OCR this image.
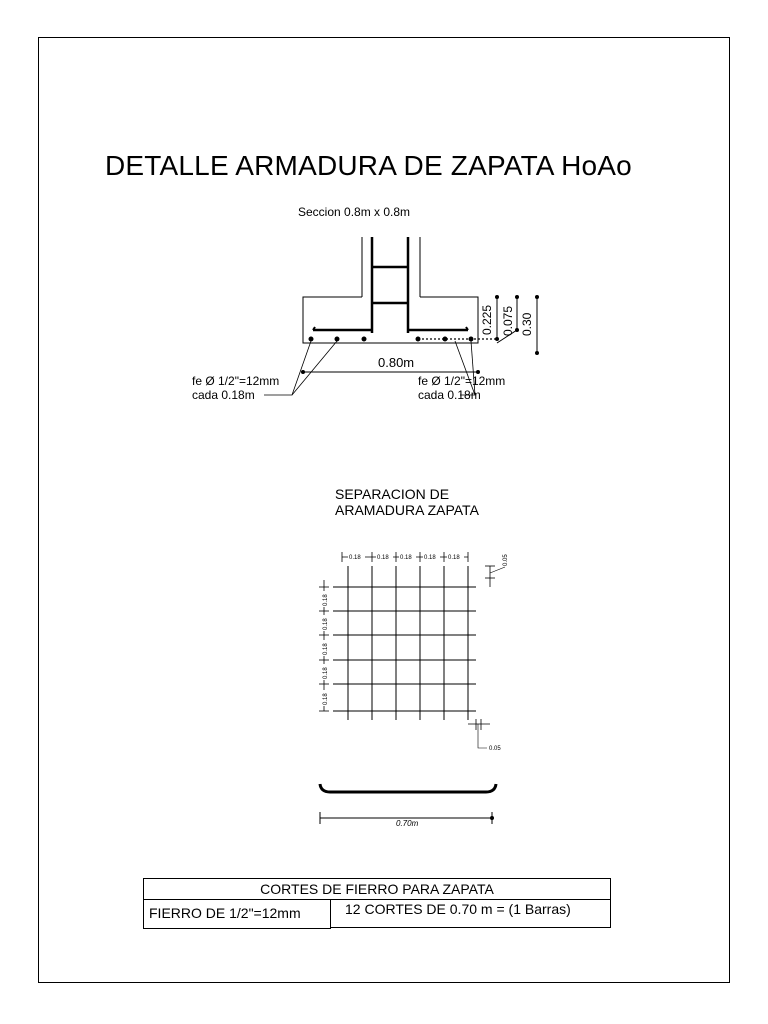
DETALLE ARMADURA DE ZAPATA HoAo
Seccion 0.8m x 0.8m
0.80m
0.225 0.075 0.30
fe Ø 1/2"=12mm
cada 0.18m
fe Ø 1/2"=12mm
cada 0.18m
SEPARACION DE
ARAMADURA ZAPATA
0.18	0.18 0.18 0.18 0.18
0.18
0.18
0.18
0.18
0.18
0.05
0.05
0.70m
CORTES DE FIERRO PARA ZAPATA
FIERRO DE 1/2"=12mm	12 CORTES DE 0.70 m = (1 Barras)
